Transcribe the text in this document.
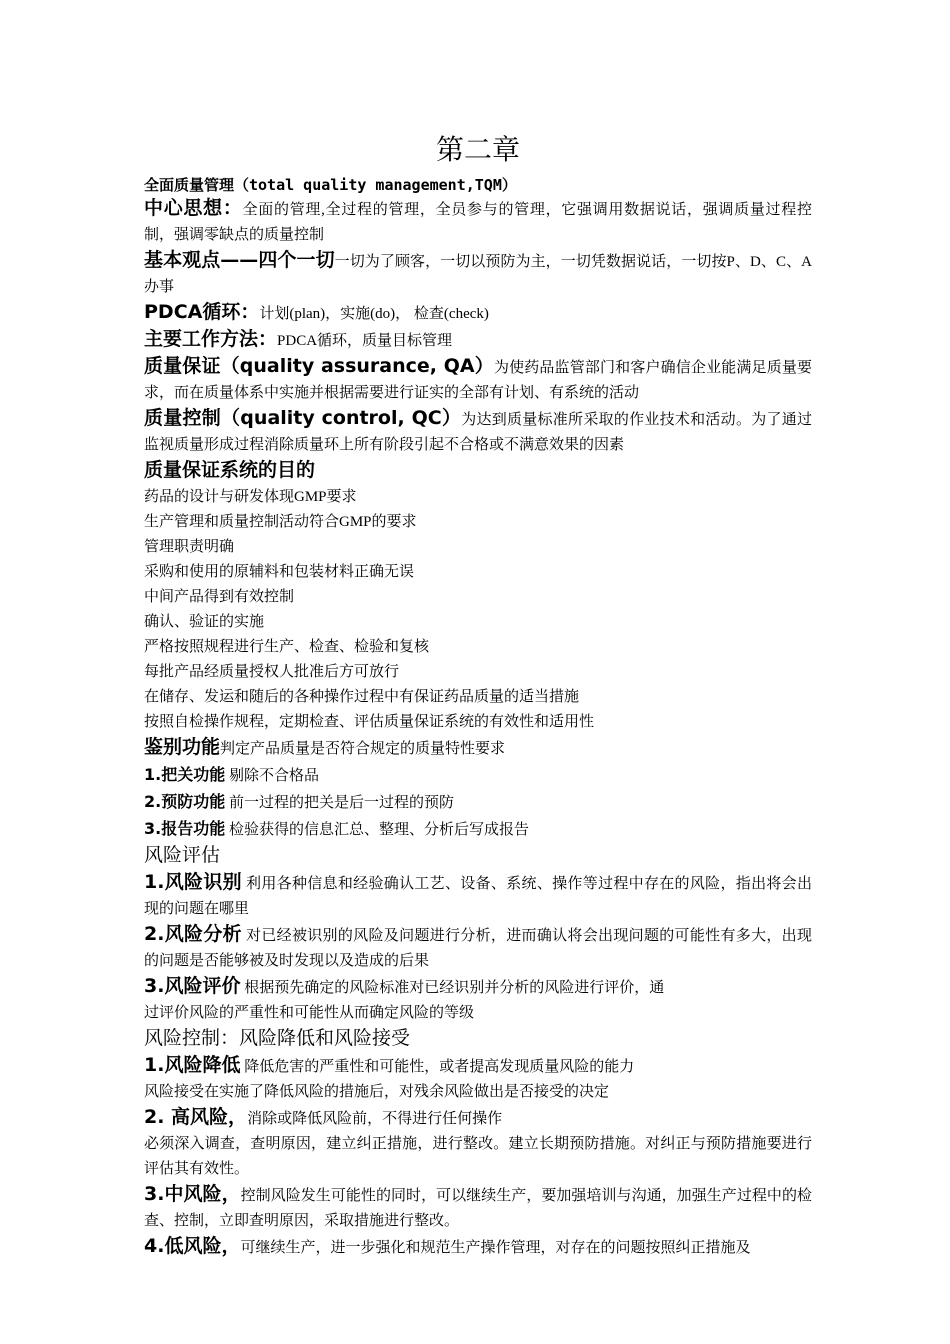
第二章
全面质量管理（total quality management,TQM）

中心思想：全面的管理,全过程的管理，全员参与的管理，它强调用数据说话，强调质量过程控制，强调零缺点的质量控制

基本观点——四个一切一切为了顾客，一切以预防为主，一切凭数据说话，一切按P、D、C、A办事

PDCA循环：计划(plan)，实施(do)， 检查(check)

主要工作方法：PDCA循环，质量目标管理

质量保证（quality assurance, QA）为使药品监管部门和客户确信企业能满足质量要求，而在质量体系中实施并根据需要进行证实的全部有计划、有系统的活动

质量控制（quality control, QC）为达到质量标准所采取的作业技术和活动。为了通过监视质量形成过程消除质量环上所有阶段引起不合格或不满意效果的因素

质量保证系统的目的

药品的设计与研发体现GMP要求

生产管理和质量控制活动符合GMP的要求

管理职责明确

采购和使用的原辅料和包装材料正确无误

中间产品得到有效控制

确认、验证的实施

严格按照规程进行生产、检查、检验和复核

每批产品经质量授权人批准后方可放行

在储存、发运和随后的各种操作过程中有保证药品质量的适当措施

按照自检操作规程，定期检查、评估质量保证系统的有效性和适用性

鉴别功能判定产品质量是否符合规定的质量特性要求

1.把关功能 剔除不合格品

2.预防功能 前一过程的把关是后一过程的预防

3.报告功能 检验获得的信息汇总、整理、分析后写成报告

风险评估

1.风险识别 利用各种信息和经验确认工艺、设备、系统、操作等过程中存在的风险，指出将会出现的问题在哪里

2.风险分析 对已经被识别的风险及问题进行分析，进而确认将会出现问题的可能性有多大，出现的问题是否能够被及时发现以及造成的后果

3.风险评价 根据预先确定的风险标准对已经识别并分析的风险进行评价，通
过评价风险的严重性和可能性从而确定风险的等级

风险控制：风险降低和风险接受

1.风险降低 降低危害的严重性和可能性，或者提高发现质量风险的能力

风险接受在实施了降低风险的措施后，对残余风险做出是否接受的决定

2. 高风险，消除或降低风险前，不得进行任何操作

必须深入调查，查明原因，建立纠正措施，进行整改。建立长期预防措施。对纠正与预防措施要进行评估其有效性。

3.中风险，控制风险发生可能性的同时，可以继续生产，要加强培训与沟通，加强生产过程中的检查、控制，立即查明原因，采取措施进行整改。

4.低风险，可继续生产，进一步强化和规范生产操作管理，对存在的问题按照纠正措施及
